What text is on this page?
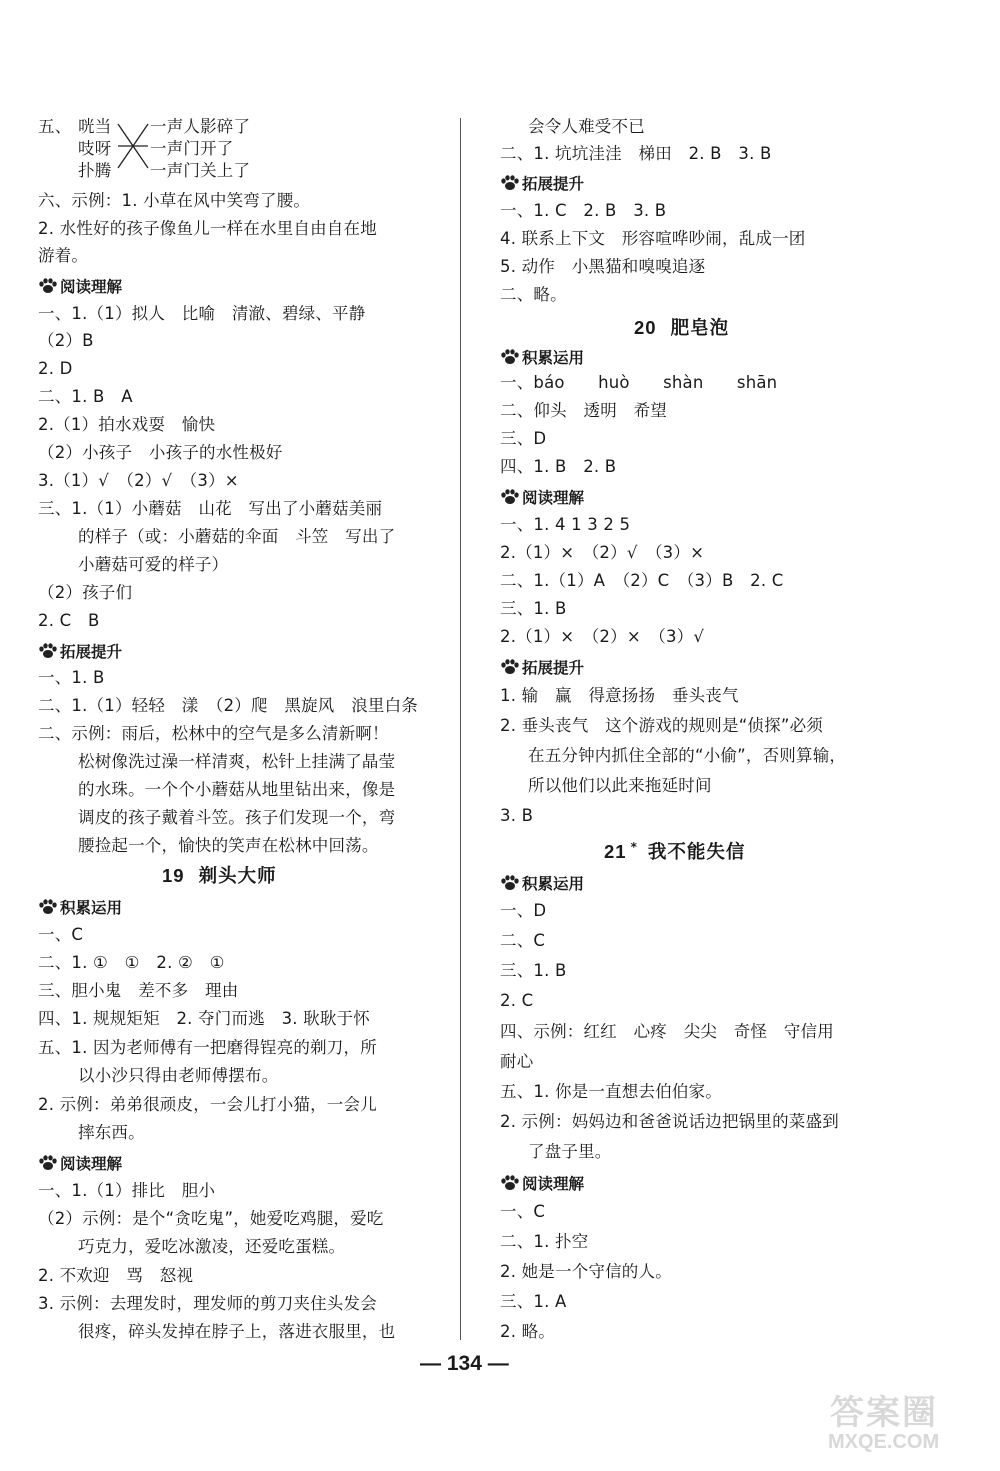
五、 咣当
吱呀
扑腾
一声人影碎了
一声门开了
一声门关上了
六、示例：1. 小草在风中笑弯了腰。
2. 水性好的孩子像鱼儿一样在水里自由自在地
游着。
阅读理解
一、1.（1）拟人　比喻　清澈、碧绿、平静
（2）B
2. D
二、1. B　A
2.（1）拍水戏耍　愉快
（2）小孩子　小孩子的水性极好
3.（1）√　（2）√　（3）×
三、1.（1）小蘑菇　山花　写出了小蘑菇美丽
的样子（或：小蘑菇的伞面　斗笠　写出了
小蘑菇可爱的样子）
（2）孩子们
2. C　B
拓展提升
一、1. B
二、1.（1）轻轻　漾　（2）爬　黑旋风　浪里白条
二、示例：雨后，松林中的空气是多么清新啊！
松树像洗过澡一样清爽，松针上挂满了晶莹
的水珠。一个个小蘑菇从地里钻出来，像是
调皮的孩子戴着斗笠。孩子们发现一个，弯
腰捡起一个，愉快的笑声在松林中回荡。
19 剃头大师
积累运用
一、C
二、1. ①　①　2. ②　①
三、胆小鬼　差不多　理由
四、1. 规规矩矩　2. 夺门而逃　3. 耿耿于怀
五、1. 因为老师傅有一把磨得锃亮的剃刀，所
以小沙只得由老师傅摆布。
2. 示例：弟弟很顽皮，一会儿打小猫，一会儿
摔东西。
阅读理解
一、1.（1）排比　胆小
（2）示例：是个“贪吃鬼”，她爱吃鸡腿，爱吃
巧克力，爱吃冰激凌，还爱吃蛋糕。
2. 不欢迎　骂　怒视
3. 示例：去理发时，理发师的剪刀夹住头发会
很疼，碎头发掉在脖子上，落进衣服里，也
会令人难受不已
二、1. 坑坑洼洼　梯田　2. B　3. B
拓展提升
一、1. C　2. B　3. B
4. 联系上下文　形容喧哗吵闹，乱成一团
5. 动作　小黑猫和嗅嗅追逐
二、略。
20 肥皂泡
积累运用
一、báo　　huò　　shàn　　shān
二、仰头　透明　希望
三、D
四、1. B　2. B
阅读理解
一、1. 4 1 3 2 5
2.（1）×　（2）√　（3）×
二、1.（1）A　（2）C　（3）B　2. C
三、1. B
2.（1）×　（2）×　（3）√
拓展提升
1. 输　赢　得意扬扬　垂头丧气
2. 垂头丧气　这个游戏的规则是“侦探”必须
在五分钟内抓住全部的“小偷”，否则算输，
所以他们以此来拖延时间
3. B
21 * 我不能失信
积累运用
一、D
二、C
三、1. B
2. C
四、示例：红红　心疼　尖尖　奇怪　守信用
耐心
五、1. 你是一直想去伯伯家。
2. 示例：妈妈边和爸爸说话边把锅里的菜盛到
了盘子里。
阅读理解
一、C
二、1. 扑空
2. 她是一个守信的人。
三、1. A
2. 略。
— 134 —
答案圈
MXQE.COM
